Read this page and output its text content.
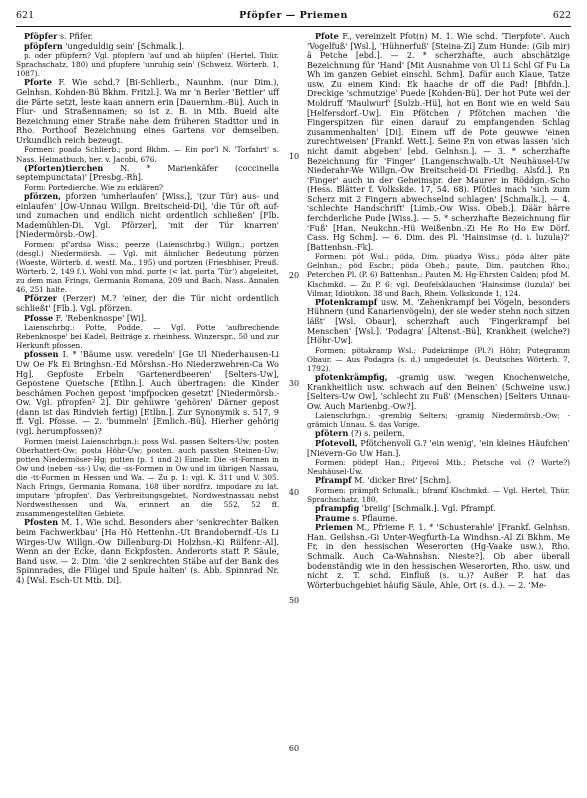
621	Pföpfer — Priemen	622

Pföpfer s. Pfifer.

pföpfern 'ungeduldig sein' [Schmalk.].

p. oder pfüpfern? Vgl. pfopfern 'auf und ab hüpfen' (Hertel, Thür. Sprachschatz, 180) und pfupfere 'unruhig sein' (Schweiz. Wörterb. 1, 1087).

Pforte F. Wie schd.? [Bi-Schlierb., Naunhm. (nur Dim.), Gelnhsn. Kohden-Bü Bkhm. Fritzl.]. Wa mr 'n Berler 'Bettler' uff die Pärte setzt, leste kaan annern erin [Dauernhm.-Bü]. Auch in Flur- und Straßennamen; so ist z. B. in Mtb. Bueid alte Bezeichnung einer Straße nahe dem früheren Stadttor und in Rho. Porthoof Bezeichnung eines Gartens vor demselben. Urkundlich reich bezeugt.

Formen: poadə Schlierb.; pord Bkhm. — Ein por'l N. 'Torfahrt' s. Nass. Heimatbuch, her. v. Jacobi, 676.

(Pforten)tierchen N. * Marienkäfer (coccinella septempunctata)' [Presbg.-Rh].

Form: Portedierche. Wie zu erklären?

pförzen, pforzen 'umherlaufen' [Wiss.], '(zur Tür) aus- und einlaufen' [Ow-Unnau Willgn. Breitscheid-Di], 'die Tür oft auf- und zumachen und endlich nicht ordentlich schließen' [Flb. Mademühlen-Di. Vgl. Pförzer], 'mit der Tür knarren' [Niedermörsb.-Ow].

Formen: pf'ərdsə Wiss.; peerze (Laienschrbg.) Willgn.; portzen (desgl.) Niedermörsb. — Vgl. mit ähnlicher Bedeutung pürzen (Woeste, Wörterb. d. westf. Ma., 195) und portzen (Friesbhiser, Preuß. Wörterb. 2, 149 f.). Wohl von mhd. porte (< lat. porta 'Tür') abgeleitet, zu dem man Frings, Germania Romana, 209 und Bach. Nass. Annalen 46, 251 halte.

Pförzer (Perzer) M.? 'einer, der die Tür nicht ordentlich schließt' [Flb.]. Vgl. pförzen.

Pfosse F. 'Rebenknospe' [Wi].

Laienschrbg.: Potte, Podde, — Vgl. Potte 'aufbrechende Rebenknospe' bei Kadel, Beiträge z. rheinhess. Winzerspr., 50 und zur Herkunft pfossen.

pfossen I. * 'Bäume usw. veredeln' [Ge Ul Niederhausen-Li Uw Oe Fk Ei Bringhsn.-Ed Mörshsn.-Ho Niederzwehren-Ca Wo Hg]. Gepfoste Erbeln 'Gartenerdbeeren' [Selters-Uw], Gepostene Quetsche [Etlbn.]. Auch übertragen: die Kinder beschämen Pochen gepost 'impfpocken gesetzt' [Niedermörsb.-Ow. Vgl. pfropfen² 2]. Dir gehüwre 'gehören' Därner gepost (dann ist das Rindvieh fertig) [Etlbn.]. Zur Synonymik s. 517, 9 ff. Vgl. Pfosse. — 2. 'bummeln' [Emlich.-Bü]. Hierher gehörig (vgl. herumpfossen)?

Formen (meist Laienschrbgn.): poss Wsl. passen Selters-Uw; posten Oberhattert-Ow; posta Höhr-Uw; posten. auch passten Steinen-Uw; potten Niedermöser-Hg; putten (p. 1 und 2) Eimelr. Die -st-Formen in Ow und (neben -ss-) Uw, die -ss-Formen in Ow und im übrigen Nassau, die -tt-Formen in Hessen und Wa. — Zu p. 1: vgl. K. 311 und V. 305. Nach Frings, Germania Romana, 168 über nordfrz. impodare zu lat. imputare 'pfropfen'. Das Verbreitungsgebiet, Nordwestnassau nebst Nordwesthessen und Wa, erinnert an die 552, 52 ff. zusammengestellten Gebiete.

Pfosten M. 1. Wie schd. Besonders aber 'senkrechter Balken beim Fachwerkbau' [Ha Hö Hettenhn.-Ut Brandoberndf.-Us Li Wirges-Uw Willgn.-Ow Dillenburg-Di Holzhsn.-Ki Rülfenr.-Al]. Wenn an der Ecke, dann Eckpfosten. Anderorts statt P. Säule, Band usw. — 2. Dim. 'die 2 senkrechten Stäbe auf der Bank des Spinnrades, die Flügel und Spule halten' (s. Abb. Spinnrad Nr. 4) [Wsl. Esch-Ut Mtb. Di].

Pfote F., vereinzelt Pfot(n) M. 1. Wie schd. 'Tierpfote'. Auch 'Vogelfuß' [Wsl.], 'Hühnerfuß' [Steina-Zi] Zum Hunde: (Gib mir) ä Petche [ebd.]. — 2. * scherzhafte, auch abschätzige Bezeichnung für 'Hand' [Mit Ausnahme von Ul Li Schl Gf Fu La Wh im ganzen Gebiet einschl. Schm]. Dafür auch Klaue, Tatze usw. Zu einem Kind: Ek haache dr off die Pad! [Bhfdn.]. Dreckige 'schmutzige' Puede [Kohden-Bü]. Der hot Pute wei der Moldruff 'Maulwurf' [Sulzb.-Hü], hot en Bont wie en weld Sau [Helfersdorf.-Uw]. Ein Pfötchen / Pfötchen machen 'die Fingerspitzen für einen darauf zu empfangenden Schlag zusammenhalten' [Di]. Einem uff de Pote geuwwe 'einen zurechtweisen' [Frankf. Wett.]. Seine P.n von etwas lassen 'sich nicht damit abgeben' [ebd. Gelnhsn.]. — 3. * scherzhafte Bezeichnung für 'Finger' [Langenschwalb.-Ut Neuhäusel-Uw Niederahr-We Willgn.-Ow Breitscheid-Di Friedbg. Alsfd.]. P.n 'Finger' auch in der Geheimspr. der Maurer in Röddgn.-Scho (Hess. Blätter f. Volkskde. 17, 54. 68). Pfötles mach 'sich zum Scherz mit 2 Fingern abwechselnd schlagen' [Schmalk.]. — 4. 'schlechte Handschrift' [Limb.-Ow Wiss. Obeb.]. Däär härre ferchderliche Pude [Wiss.]. — 5. * scherzhafte Bezeichnung für 'Fuß' [Han. Neukchn.-Hü Weißenbn.-Zi He Ro Ho Ew Dörf. Cass. Hg Schm]. — 6. Dim. des Pl. 'Hainsimse (d. i. luzula)?' [Battenhsn.-Fk].

Formen: pöt Wsl.; pödə, Dim. püədyə Wiss.; pödə älter päte Gelnhsn.; pöd Escbr.; pödə Obeb.; paute, Dim. pautchen Rho.; Peterchen Pl. (P. 6) Battenhsn.; Pauten M. Hg-Ehrsten Calden; pfod M. Klschmkd. — Zu P. 6: vgl. Deufelsklauchen 'Hainsimse (luzula)' bei Vilmar, Idiotikon. 38 und Bach, Rhein. Volkskunde 1, 124.

Pfotenkrampf usw. M. 'Zehenkrampf bei Vögeln, besonders Hühnern (und Kanarienvögeln), der sie weder stehn noch sitzen läßt' [Wsl. Obaur], scherzhaft auch 'Fingerkrampf bei Menschen' [Wsl.]. 'Podagra' [Altenst.-Bü], Krankheit (welche?) [Höhr-Uw].

Formen: pötəkramp Wsl.; Pudekrämpe (Pl.?) Höhr; Putegramm Obaur. — Aus Podagra (s. d.) umgedeutet (s. Deutsches Wörterb. 7, 1792).

pfotenkrämpfig, -gramig usw. 'wegen Knochenweiche, Krankheitlich usw. schwach auf den Beinen' (Schweine usw.) [Selters-Uw Ow], 'schlecht zu Fuß' (Menschen) [Selters Unnau-Ow. Auch Marienbg.-Ow?].

Laienschrbgn.: -grembig Selters; -gramig Niedermörsb.-Ow; -grämich Unnau. S. das Vorige.

pfötern (?) s. peilern.

Pfotevoll, Pfötchenvoll G.? 'ein wenig', 'ein kleines Häufchen' [Nievern-Go Uw Han.].

Formen: pödepf Han.; Pitjevol Mtb.; Pietsche vol (? Worte?) Neuhäusel-Uw.

Pframpf M. 'dicker Brei' [Schm].

Formen: prämpft Schmalk.; bframf Klschmkd. — Vgl. Hertel, Thür. Sprachschatz, 180.

pframpfig 'breiig' [Schmalk.]. Vgl. Pframpf.

Praume s. Pflaume.

Priemen M., Pfrieme F. 1. * 'Schusterahle' [Frankf. Gelnhsn. Han. Geilshsn.-Gi Unter-Wegfurth-La Windhsn.-Al Zi Bkhm. Me Fr, in den hessischen Weserorten (Hg-Vaake usw.), Rho. Schmalk. Auch Ca-Wahnshsn. Nieste?]. Ob aber überall bodenständig wie in den hessischen Weserorten, Rho. usw. und nicht z. T. schd. Einfluß (s. u.)? Außer P. hat das Wörterbuchgebiet häufig Säule, Ahle, Ort (s. d.). — 2. 'Me-

10
20
30
40
50
60
